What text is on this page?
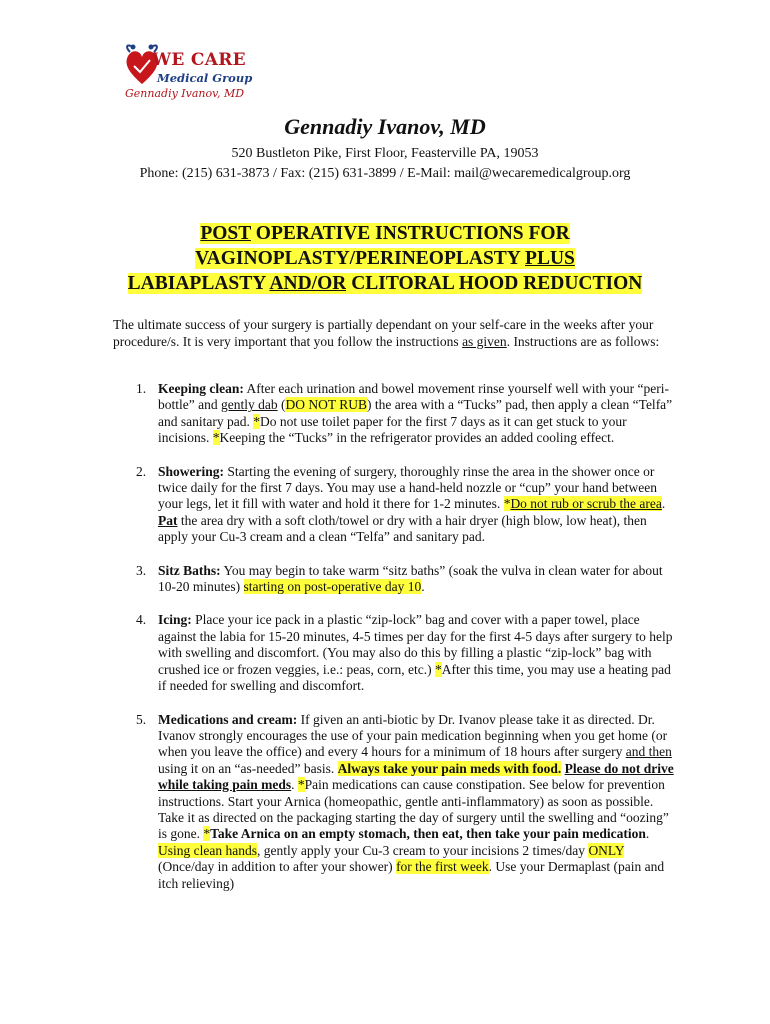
WE CARE
Medical Group
Gennadiy Ivanov, MD
Gennadiy Ivanov, MD
520 Bustleton Pike, First Floor, Feasterville PA, 19053
Phone: (215) 631-3873 / Fax: (215) 631-3899 / E-Mail: mail@wecaremedicalgroup.org
POST OPERATIVE INSTRUCTIONS FOR
VAGINOPLASTY/PERINEOPLASTY PLUS
LABIAPLASTY AND/OR CLITORAL HOOD REDUCTION
The ultimate success of your surgery is partially dependant on your self-care in the weeks after your procedure/s. It is very important that you follow the instructions as given. Instructions are as follows:
1. Keeping clean: After each urination and bowel movement rinse yourself well with your “peri-bottle” and gently dab (DO NOT RUB) the area with a “Tucks” pad, then apply a clean “Telfa” and sanitary pad. *Do not use toilet paper for the first 7 days as it can get stuck to your incisions. *Keeping the “Tucks” in the refrigerator provides an added cooling effect.
2. Showering: Starting the evening of surgery, thoroughly rinse the area in the shower once or twice daily for the first 7 days. You may use a hand-held nozzle or “cup” your hand between your legs, let it fill with water and hold it there for 1-2 minutes. *Do not rub or scrub the area. Pat the area dry with a soft cloth/towel or dry with a hair dryer (high blow, low heat), then apply your Cu-3 cream and a clean “Telfa” and sanitary pad.
3. Sitz Baths: You may begin to take warm “sitz baths” (soak the vulva in clean water for about 10-20 minutes) starting on post-operative day 10.
4. Icing: Place your ice pack in a plastic “zip-lock” bag and cover with a paper towel, place against the labia for 15-20 minutes, 4-5 times per day for the first 4-5 days after surgery to help with swelling and discomfort. (You may also do this by filling a plastic “zip-lock” bag with crushed ice or frozen veggies, i.e.: peas, corn, etc.) *After this time, you may use a heating pad if needed for swelling and discomfort.
5. Medications and cream: If given an anti-biotic by Dr. Ivanov please take it as directed. Dr. Ivanov strongly encourages the use of your pain medication beginning when you get home (or when you leave the office) and every 4 hours for a minimum of 18 hours after surgery and then using it on an “as-needed” basis. Always take your pain meds with food. Please do not drive while taking pain meds. *Pain medications can cause constipation. See below for prevention instructions. Start your Arnica (homeopathic, gentle anti-inflammatory) as soon as possible. Take it as directed on the packaging starting the day of surgery until the swelling and “oozing” is gone. *Take Arnica on an empty stomach, then eat, then take your pain medication. Using clean hands, gently apply your Cu-3 cream to your incisions 2 times/day ONLY (Once/day in addition to after your shower) for the first week. Use your Dermaplast (pain and itch relieving)
